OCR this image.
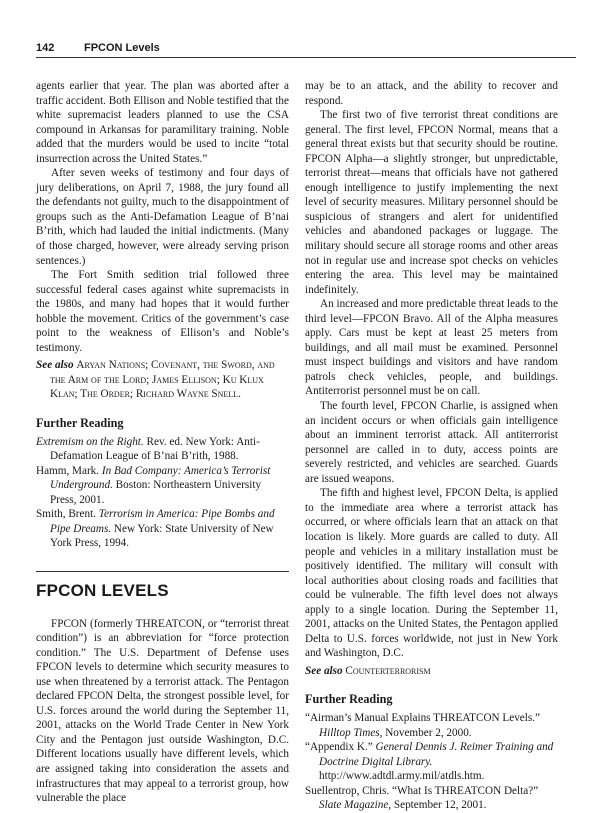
142	FPCON Levels

agents earlier that year. The plan was aborted after a traffic accident. Both Ellison and Noble testified that the white supremacist leaders planned to use the CSA compound in Arkansas for paramilitary training. Noble added that the murders would be used to incite “total insurrection across the United States.”

After seven weeks of testimony and four days of jury deliberations, on April 7, 1988, the jury found all the defendants not guilty, much to the disappointment of groups such as the Anti-Defamation League of B’nai B’rith, which had lauded the initial indictments. (Many of those charged, however, were already serving prison sentences.)

The Fort Smith sedition trial followed three successful federal cases against white supremacists in the 1980s, and many had hopes that it would further hobble the movement. Critics of the government’s case point to the weakness of Ellison’s and Noble’s testimony.

See also Aryan Nations; Covenant, the Sword, and the Arm of the Lord; James Ellison; Ku Klux Klan; The Order; Richard Wayne Snell.

Further Reading

Extremism on the Right. Rev. ed. New York: Anti-Defamation League of B’nai B’rith, 1988.

Hamm, Mark. In Bad Company: America’s Terrorist Underground. Boston: Northeastern University Press, 2001.

Smith, Brent. Terrorism in America: Pipe Bombs and Pipe Dreams. New York: State University of New York Press, 1994.

FPCON LEVELS

FPCON (formerly THREATCON, or “terrorist threat condition”) is an abbreviation for “force protection condition.” The U.S. Department of Defense uses FPCON levels to determine which security measures to use when threatened by a terrorist attack. The Pentagon declared FPCON Delta, the strongest possible level, for U.S. forces around the world during the September 11, 2001, attacks on the World Trade Center in New York City and the Pentagon just outside Washington, D.C. Different locations usually have different levels, which are assigned taking into consideration the assets and infrastructures that may appeal to a terrorist group, how vulnerable the place

may be to an attack, and the ability to recover and respond.

The first two of five terrorist threat conditions are general. The first level, FPCON Normal, means that a general threat exists but that security should be routine. FPCON Alpha—a slightly stronger, but unpredictable, terrorist threat—means that officials have not gathered enough intelligence to justify implementing the next level of security measures. Military personnel should be suspicious of strangers and alert for unidentified vehicles and abandoned packages or luggage. The military should secure all storage rooms and other areas not in regular use and increase spot checks on vehicles entering the area. This level may be maintained indefinitely.

An increased and more predictable threat leads to the third level—FPCON Bravo. All of the Alpha measures apply. Cars must be kept at least 25 meters from buildings, and all mail must be examined. Personnel must inspect buildings and visitors and have random patrols check vehicles, people, and buildings. Antiterrorist personnel must be on call.

The fourth level, FPCON Charlie, is assigned when an incident occurs or when officials gain intelligence about an imminent terrorist attack. All antiterrorist personnel are called in to duty, access points are severely restricted, and vehicles are searched. Guards are issued weapons.

The fifth and highest level, FPCON Delta, is applied to the immediate area where a terrorist attack has occurred, or where officials learn that an attack on that location is likely. More guards are called to duty. All people and vehicles in a military installation must be positively identified. The military will consult with local authorities about closing roads and facilities that could be vulnerable. The fifth level does not always apply to a single location. During the September 11, 2001, attacks on the United States, the Pentagon applied Delta to U.S. forces worldwide, not just in New York and Washington, D.C.

See also Counterterrorism

Further Reading

“Airman’s Manual Explains THREATCON Levels.” Hilltop Times, November 2, 2000.

“Appendix K.” General Dennis J. Reimer Training and Doctrine Digital Library. http://www.adtdl.army.mil/atdls.htm.

Suellentrop, Chris. “What Is THREATCON Delta?” Slate Magazine, September 12, 2001.
